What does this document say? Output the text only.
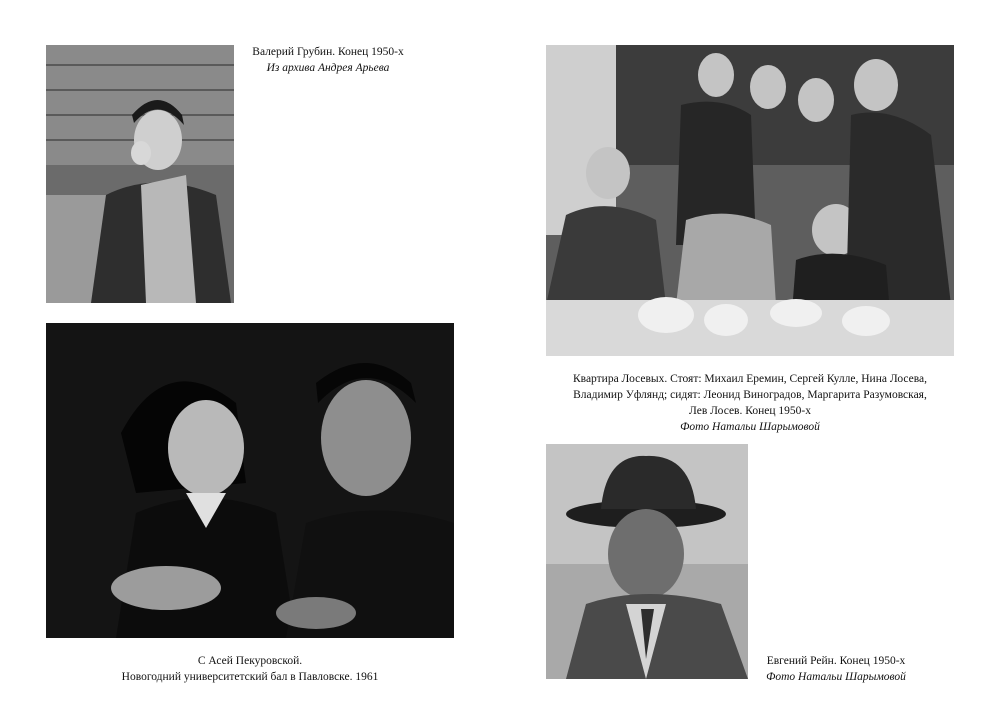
Валерий Грубин. Конец 1950-х
Из архива Андрея Арьева
С Асей Пекуровской.
Новогодний университетский бал в Павловске. 1961
Квартира Лосевых. Стоят: Михаил Еремин, Сергей Кулле, Нина Лосева,
Владимир Уфлянд; сидят: Леонид Виноградов, Маргарита Разумовская,
Лев Лосев. Конец 1950-х
Фото Натальи Шарымовой
Евгений Рейн. Конец 1950-х
Фото Натальи Шарымовой
